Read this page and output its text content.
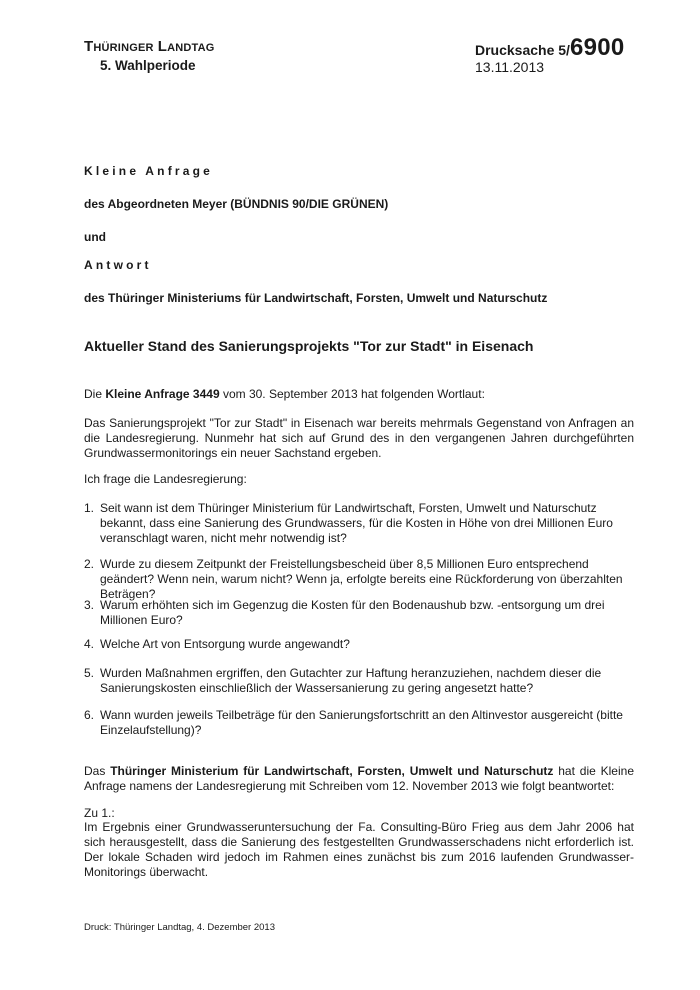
THÜRINGER LANDTAG
5. Wahlperiode
Drucksache 5/6900
13.11.2013
Kleine Anfrage
des Abgeordneten Meyer (BÜNDNIS 90/DIE GRÜNEN)
und
Antwort
des Thüringer Ministeriums für Landwirtschaft, Forsten, Umwelt und Naturschutz
Aktueller Stand des Sanierungsprojekts "Tor zur Stadt" in Eisenach
Die Kleine Anfrage 3449 vom 30. September 2013 hat folgenden Wortlaut:
Das Sanierungsprojekt "Tor zur Stadt" in Eisenach war bereits mehrmals Gegenstand von Anfragen an die Landesregierung. Nunmehr hat sich auf Grund des in den vergangenen Jahren durchgeführten Grundwassermonitorings ein neuer Sachstand ergeben.
Ich frage die Landesregierung:
1. Seit wann ist dem Thüringer Ministerium für Landwirtschaft, Forsten, Umwelt und Naturschutz bekannt, dass eine Sanierung des Grundwassers, für die Kosten in Höhe von drei Millionen Euro veranschlagt waren, nicht mehr notwendig ist?
2. Wurde zu diesem Zeitpunkt der Freistellungsbescheid über 8,5 Millionen Euro entsprechend geändert? Wenn nein, warum nicht? Wenn ja, erfolgte bereits eine Rückforderung von überzahlten Beträgen?
3. Warum erhöhten sich im Gegenzug die Kosten für den Bodenaushub bzw. -entsorgung um drei Millionen Euro?
4. Welche Art von Entsorgung wurde angewandt?
5. Wurden Maßnahmen ergriffen, den Gutachter zur Haftung heranzuziehen, nachdem dieser die Sanierungskosten einschließlich der Wassersanierung zu gering angesetzt hatte?
6. Wann wurden jeweils Teilbeträge für den Sanierungsfortschritt an den Altinvestor ausgereicht (bitte Einzelaufstellung)?
Das Thüringer Ministerium für Landwirtschaft, Forsten, Umwelt und Naturschutz hat die Kleine Anfrage namens der Landesregierung mit Schreiben vom 12. November 2013 wie folgt beantwortet:
Zu 1.:
Im Ergebnis einer Grundwasseruntersuchung der Fa. Consulting-Büro Frieg aus dem Jahr 2006 hat sich herausgestellt, dass die Sanierung des festgestellten Grundwasserschadens nicht erforderlich ist. Der lokale Schaden wird jedoch im Rahmen eines zunächst bis zum 2016 laufenden Grundwasser-Monitorings überwacht.
Druck: Thüringer Landtag, 4. Dezember 2013
